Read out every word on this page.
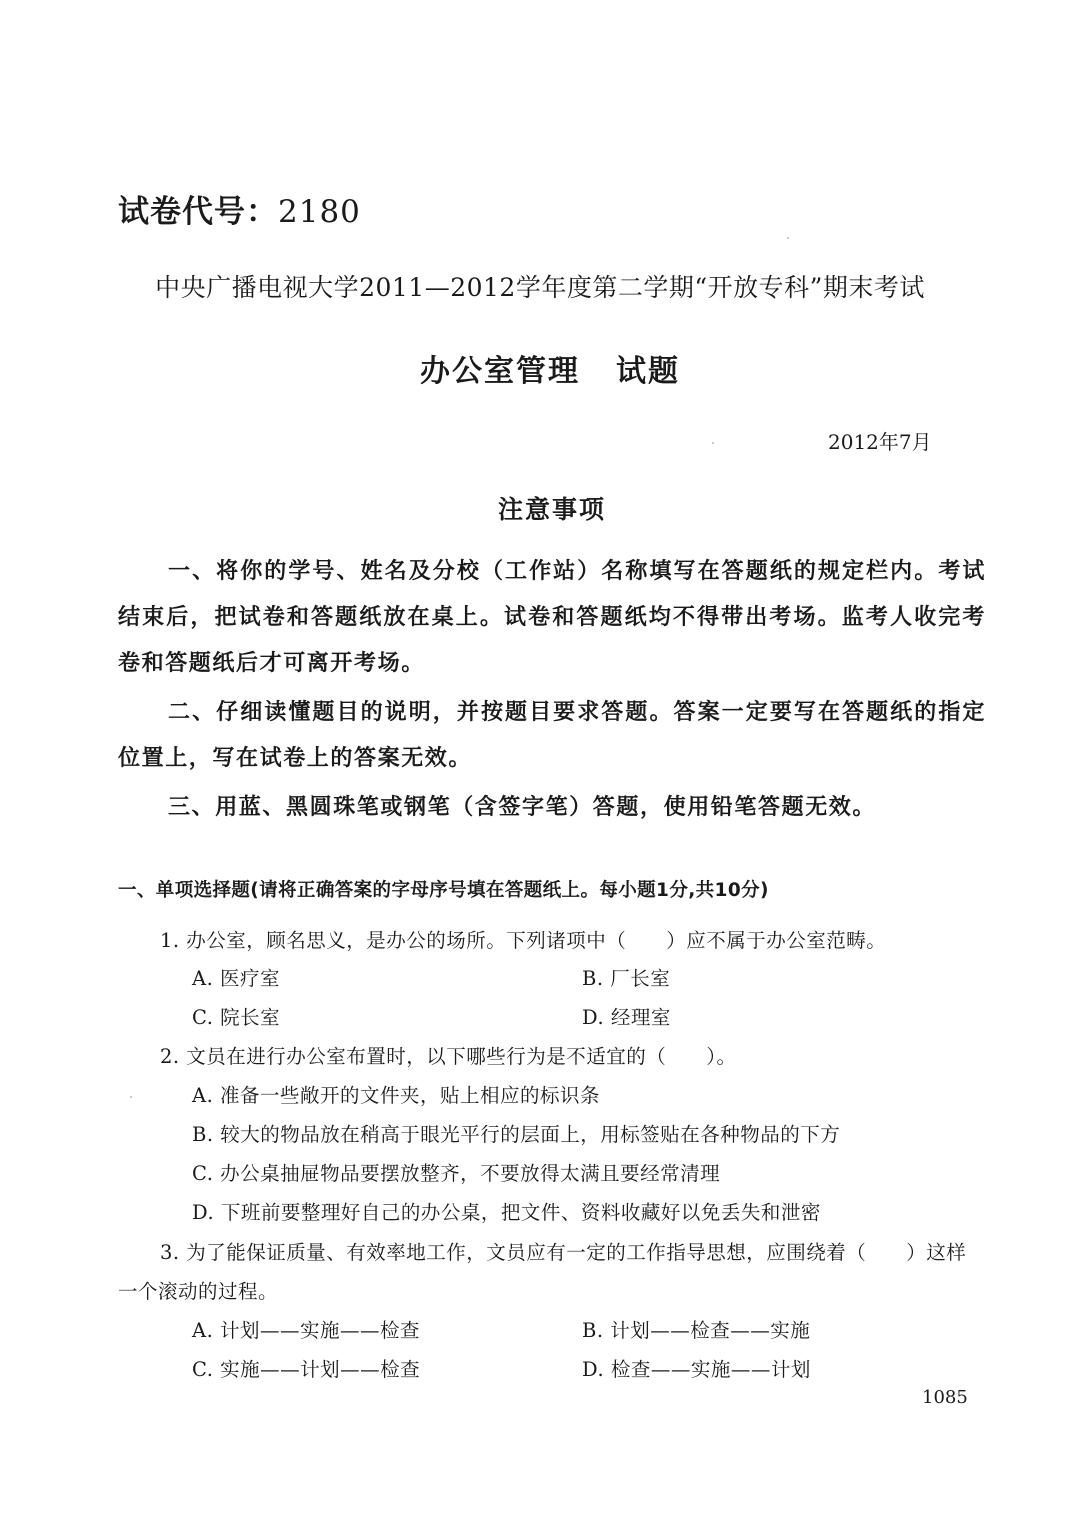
试卷代号：2180
中央广播电视大学2011—2012学年度第二学期“开放专科”期末考试
办公室管理 试题
2012年7月
注意事项

一、将你的学号、姓名及分校（工作站）名称填写在答题纸的规定栏内。考试结束后，把试卷和答题纸放在桌上。试卷和答题纸均不得带出考场。监考人收完考卷和答题纸后才可离开考场。

二、仔细读懂题目的说明，并按题目要求答题。答案一定要写在答题纸的指定位置上，写在试卷上的答案无效。

三、用蓝、黑圆珠笔或钢笔（含签字笔）答题，使用铅笔答题无效。

一、单项选择题(请将正确答案的字母序号填在答题纸上。每小题1分,共10分)
1. 办公室，顾名思义，是办公的场所。下列诸项中（　　）应不属于办公室范畴。
A. 医疗室	B. 厂长室
C. 院长室	D. 经理室
2. 文员在进行办公室布置时，以下哪些行为是不适宜的（　　）。
A. 准备一些敞开的文件夹，贴上相应的标识条
B. 较大的物品放在稍高于眼光平行的层面上，用标签贴在各种物品的下方
C. 办公桌抽屉物品要摆放整齐，不要放得太满且要经常清理
D. 下班前要整理好自己的办公桌，把文件、资料收藏好以免丢失和泄密
3. 为了能保证质量、有效率地工作，文员应有一定的工作指导思想，应围绕着（　　）这样
一个滚动的过程。
A. 计划——实施——检查	B. 计划——检查——实施
C. 实施——计划——检查	D. 检查——实施——计划
1085
